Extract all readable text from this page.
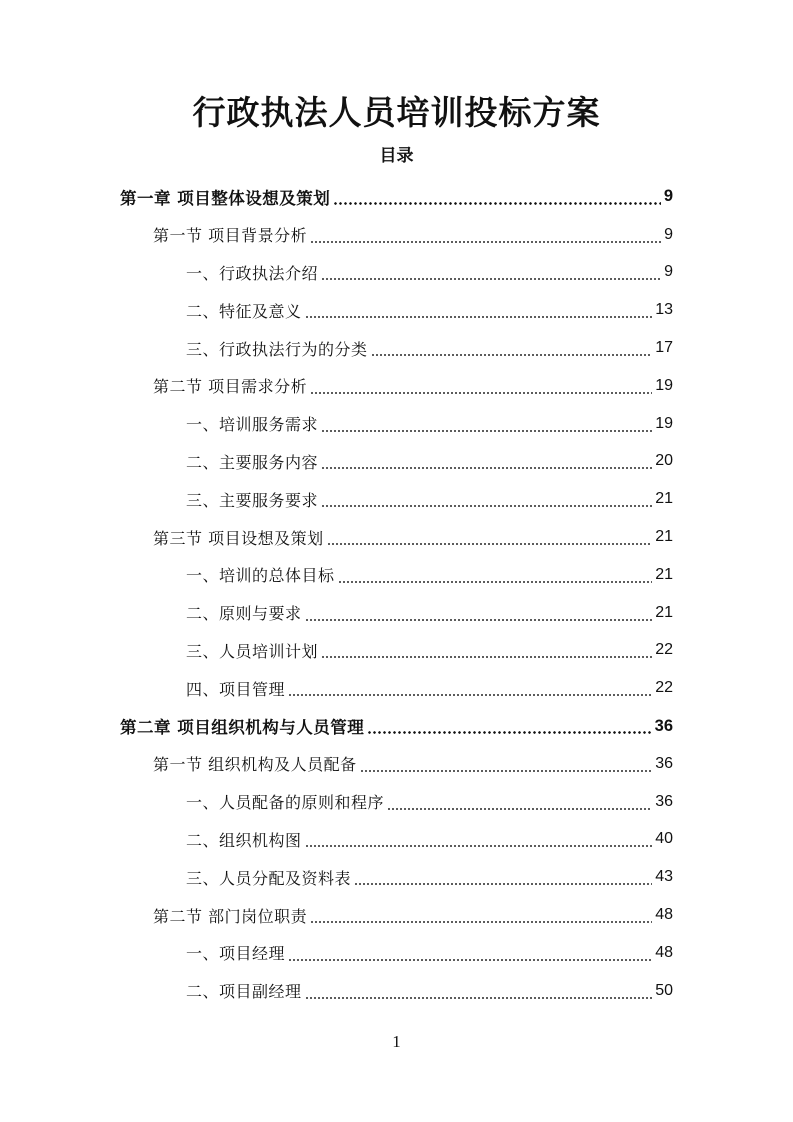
行政执法人员培训投标方案
目录
第一章 项目整体设想及策划	9
第一节 项目背景分析	9
一、行政执法介绍	9
二、特征及意义	13
三、行政执法行为的分类	17
第二节 项目需求分析	19
一、培训服务需求	19
二、主要服务内容	20
三、主要服务要求	21
第三节 项目设想及策划	21
一、培训的总体目标	21
二、原则与要求	21
三、人员培训计划	22
四、项目管理	22
第二章 项目组织机构与人员管理	36
第一节 组织机构及人员配备	36
一、人员配备的原则和程序	36
二、组织机构图	40
三、人员分配及资料表	43
第二节 部门岗位职责	48
一、项目经理	48
二、项目副经理	50
1
